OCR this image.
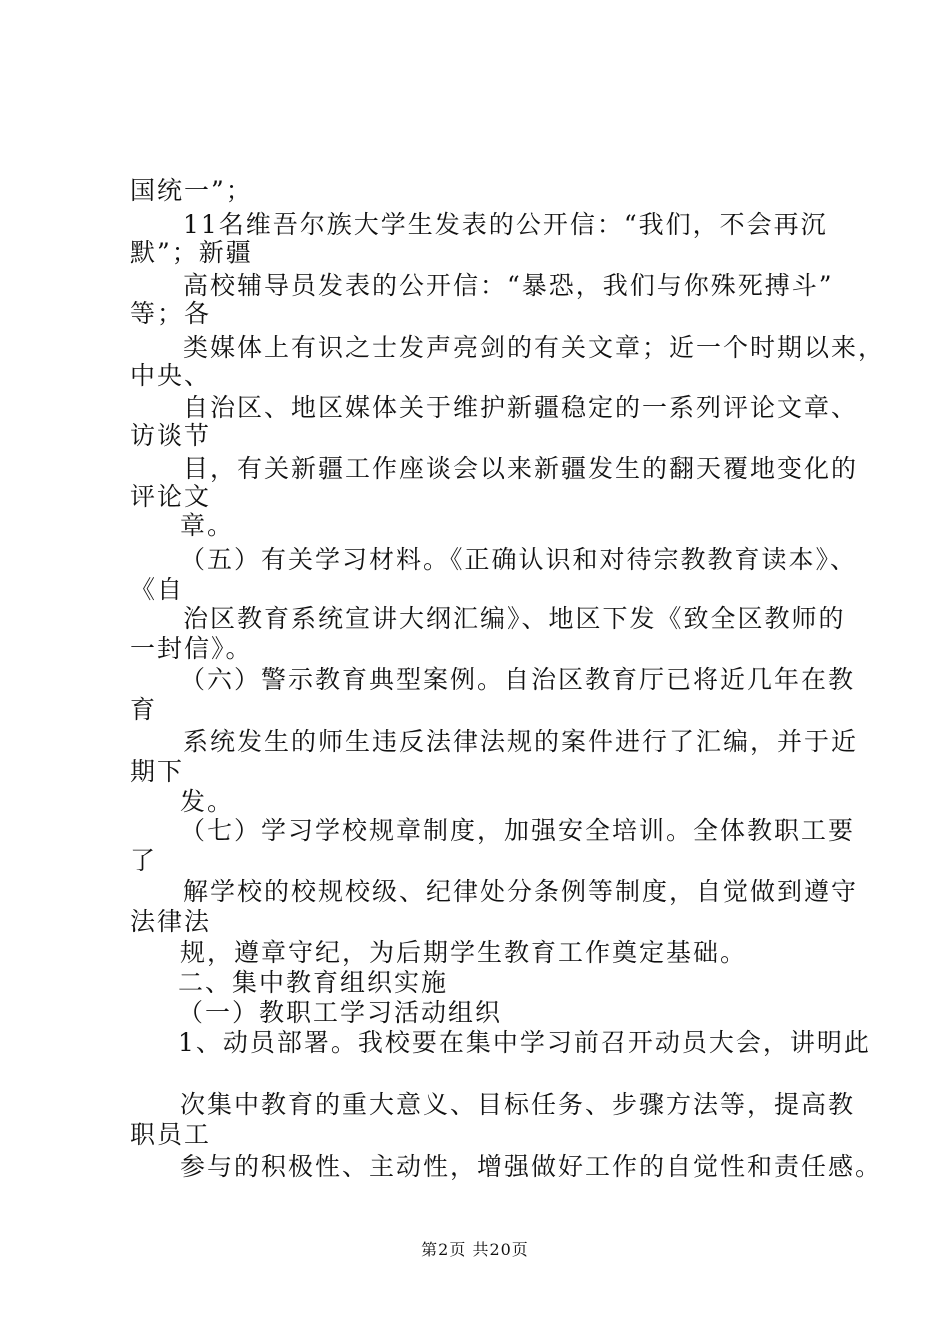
国统一”；
11名维吾尔族大学生发表的公开信：“我们，不会再沉
默”；新疆
高校辅导员发表的公开信：“暴恐，我们与你殊死搏斗”
等；各
类媒体上有识之士发声亮剑的有关文章；近一个时期以来，
中央、
自治区、地区媒体关于维护新疆稳定的一系列评论文章、
访谈节
目，有关新疆工作座谈会以来新疆发生的翻天覆地变化的
评论文
章。
（五）有关学习材料。《正确认识和对待宗教教育读本》、
《自
治区教育系统宣讲大纲汇编》、地区下发《致全区教师的
一封信》。
（六）警示教育典型案例。自治区教育厅已将近几年在教
育
系统发生的师生违反法律法规的案件进行了汇编，并于近
期下
发。
（七）学习学校规章制度，加强安全培训。全体教职工要
了
解学校的校规校级、纪律处分条例等制度，自觉做到遵守
法律法
规，遵章守纪，为后期学生教育工作奠定基础。
二、集中教育组织实施
（一）教职工学习活动组织
1、动员部署。我校要在集中学习前召开动员大会，讲明此
次集中教育的重大意义、目标任务、步骤方法等，提高教
职员工
参与的积极性、主动性，增强做好工作的自觉性和责任感。
第2页 共20页
